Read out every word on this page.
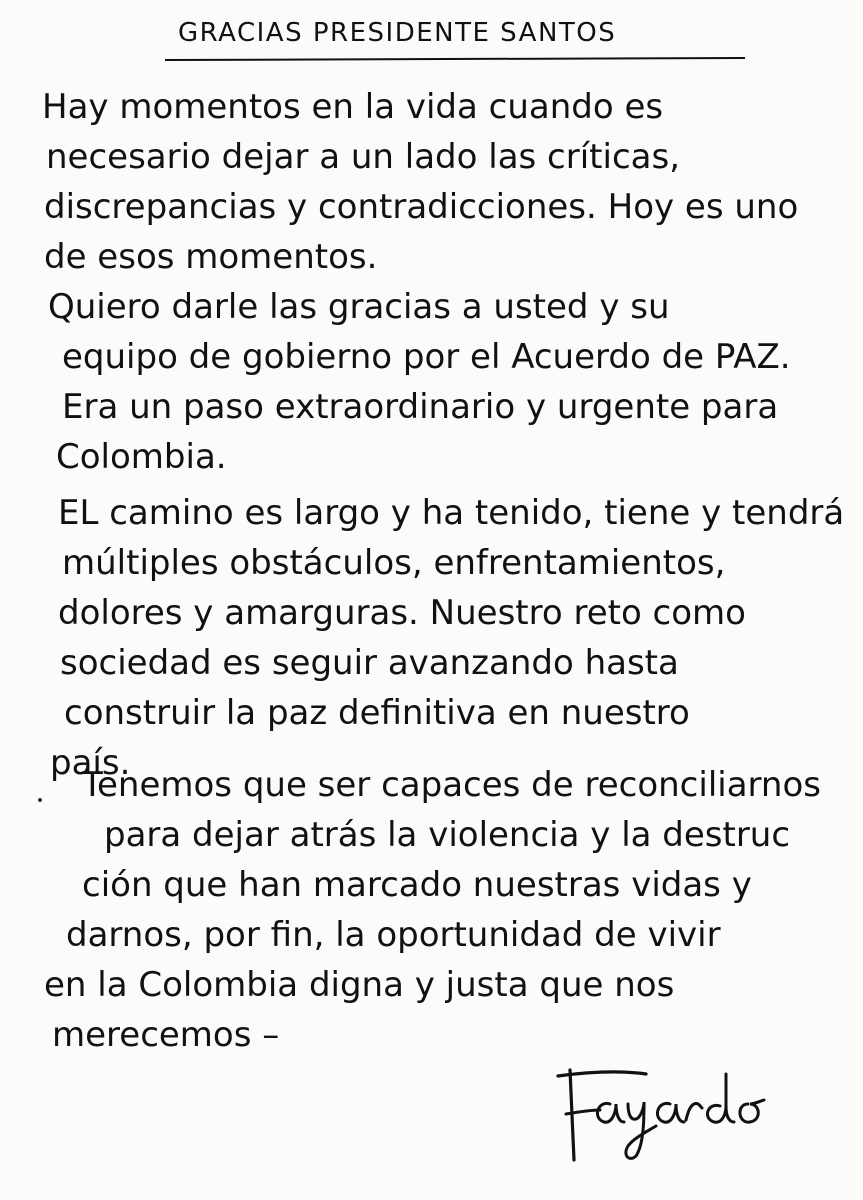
GRACIAS PRESIDENTE SANTOS
Hay momentos en la vida cuando es
necesario dejar a un lado las críticas,
discrepancias y contradicciones. Hoy es uno
de esos momentos.
Quiero darle las gracias a usted y su
equipo de gobierno por el Acuerdo de PAZ.
Era un paso extraordinario y urgente para
Colombia.
EL camino es largo y ha tenido, tiene y tendrá
múltiples obstáculos, enfrentamientos,
dolores y amarguras. Nuestro reto como
sociedad es seguir avanzando hasta
construir la paz definitiva en nuestro
país.
Tenemos que ser capaces de reconciliarnos
para dejar atrás la violencia y la destruc
ción que han marcado nuestras vidas y
darnos, por fin, la oportunidad de vivir
en la Colombia digna y justa que nos
merecemos –
